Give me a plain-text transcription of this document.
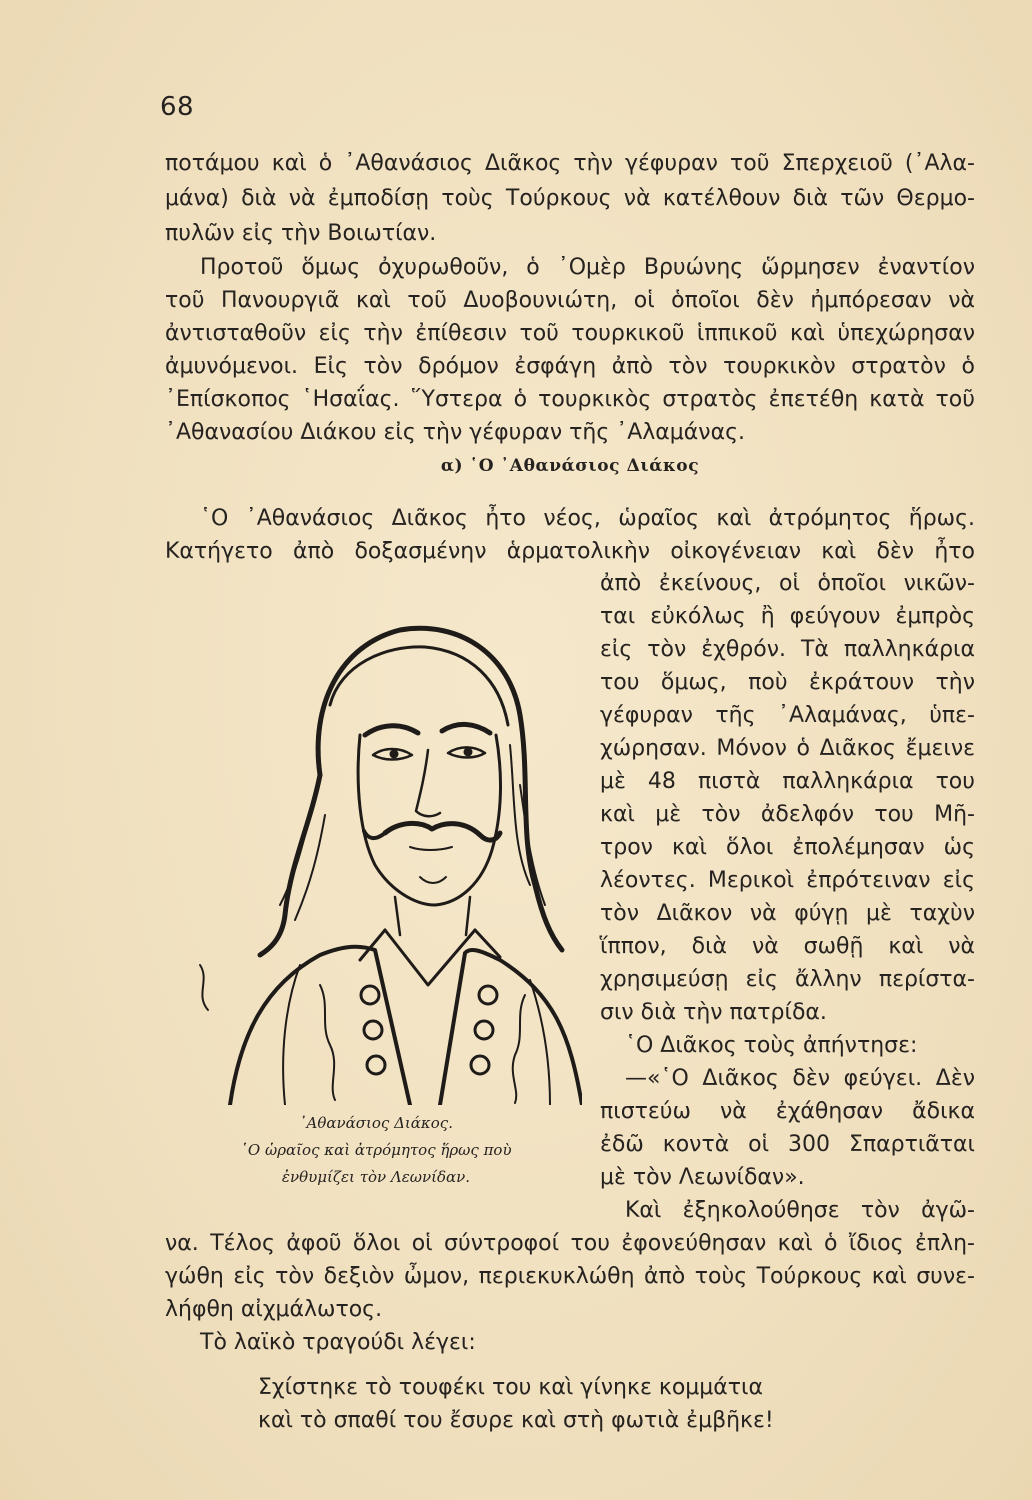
68
ποτάμου καὶ ὁ ᾿Αθανάσιος Διᾶκος τὴν γέφυραν τοῦ Σπερχειοῦ (᾿Αλα-
μάνα) διὰ νὰ ἐμποδίσῃ τοὺς Τούρκους νὰ κατέλθουν διὰ τῶν Θερμο-
πυλῶν εἰς τὴν Βοιωτίαν.
Προτοῦ ὅμως ὀχυρωθοῦν, ὁ ᾿Ομὲρ Βρυώνης ὥρμησεν ἐναντίον
τοῦ Πανουργιᾶ καὶ τοῦ Δυοβουνιώτη, οἱ ὁποῖοι δὲν ἠμπόρεσαν νὰ
ἀντισταθοῦν εἰς τὴν ἐπίθεσιν τοῦ τουρκικοῦ ἱππικοῦ καὶ ὑπεχώρησαν
ἀμυνόμενοι. Εἰς τὸν δρόμον ἐσφάγη ἀπὸ τὸν τουρκικὸν στρατὸν ὁ
᾿Επίσκοπος ῾Ησαΐας. ῞Υστερα ὁ τουρκικὸς στρατὸς ἐπετέθη κατὰ τοῦ
᾿Αθανασίου Διάκου εἰς τὴν γέφυραν τῆς ᾿Αλαμάνας.
α) ῾Ο ᾿Αθανάσιος Διάκος
῾Ο ᾿Αθανάσιος Διᾶκος ἦτο νέος, ὡραῖος καὶ ἀτρόμητος ἥρως.
Κατήγετο ἀπὸ δοξασμένην ἁρματολικὴν οἰκογένειαν καὶ δὲν ἦτο
᾿Αθανάσιος Διάκος.
῾Ο ὡραῖος καὶ ἀτρόμητος ἥρως ποὺ
ἐνθυμίζει τὸν Λεωνίδαν.
ἀπὸ ἐκείνους, οἱ ὁποῖοι νικῶν-
ται εὐκόλως ἢ φεύγουν ἐμπρὸς
εἰς τὸν ἐχθρόν. Τὰ παλληκάρια
του ὅμως, ποὺ ἐκράτουν τὴν
γέφυραν τῆς ᾿Αλαμάνας, ὑπε-
χώρησαν. Μόνον ὁ Διᾶκος ἔμεινε
μὲ 48 πιστὰ παλληκάρια του
καὶ μὲ τὸν ἀδελφόν του Μῆ-
τρον καὶ ὅλοι ἐπολέμησαν ὡς
λέοντες. Μερικοὶ ἐπρότειναν εἰς
τὸν Διᾶκον νὰ φύγῃ μὲ ταχὺν
ἵππον, διὰ νὰ σωθῇ καὶ νὰ
χρησιμεύσῃ εἰς ἄλλην περίστα-
σιν διὰ τὴν πατρίδα.
῾Ο Διᾶκος τοὺς ἀπήντησε:
—«῾Ο Διᾶκος δὲν φεύγει. Δὲν
πιστεύω νὰ ἐχάθησαν ἄδικα
ἐδῶ κοντὰ οἱ 300 Σπαρτιᾶται
μὲ τὸν Λεωνίδαν».
Καὶ ἐξηκολούθησε τὸν ἀγῶ-
να. Τέλος ἀφοῦ ὅλοι οἱ σύντροφοί του ἐφονεύθησαν καὶ ὁ ἴδιος ἐπλη-
γώθη εἰς τὸν δεξιὸν ὦμον, περιεκυκλώθη ἀπὸ τοὺς Τούρκους καὶ συνε-
λήφθη αἰχμάλωτος.
Τὸ λαϊκὸ τραγούδι λέγει:
Σχίστηκε τὸ τουφέκι του καὶ γίνηκε κομμάτια
καὶ τὸ σπαθί του ἔσυρε καὶ στὴ φωτιὰ ἐμβῆκε!
